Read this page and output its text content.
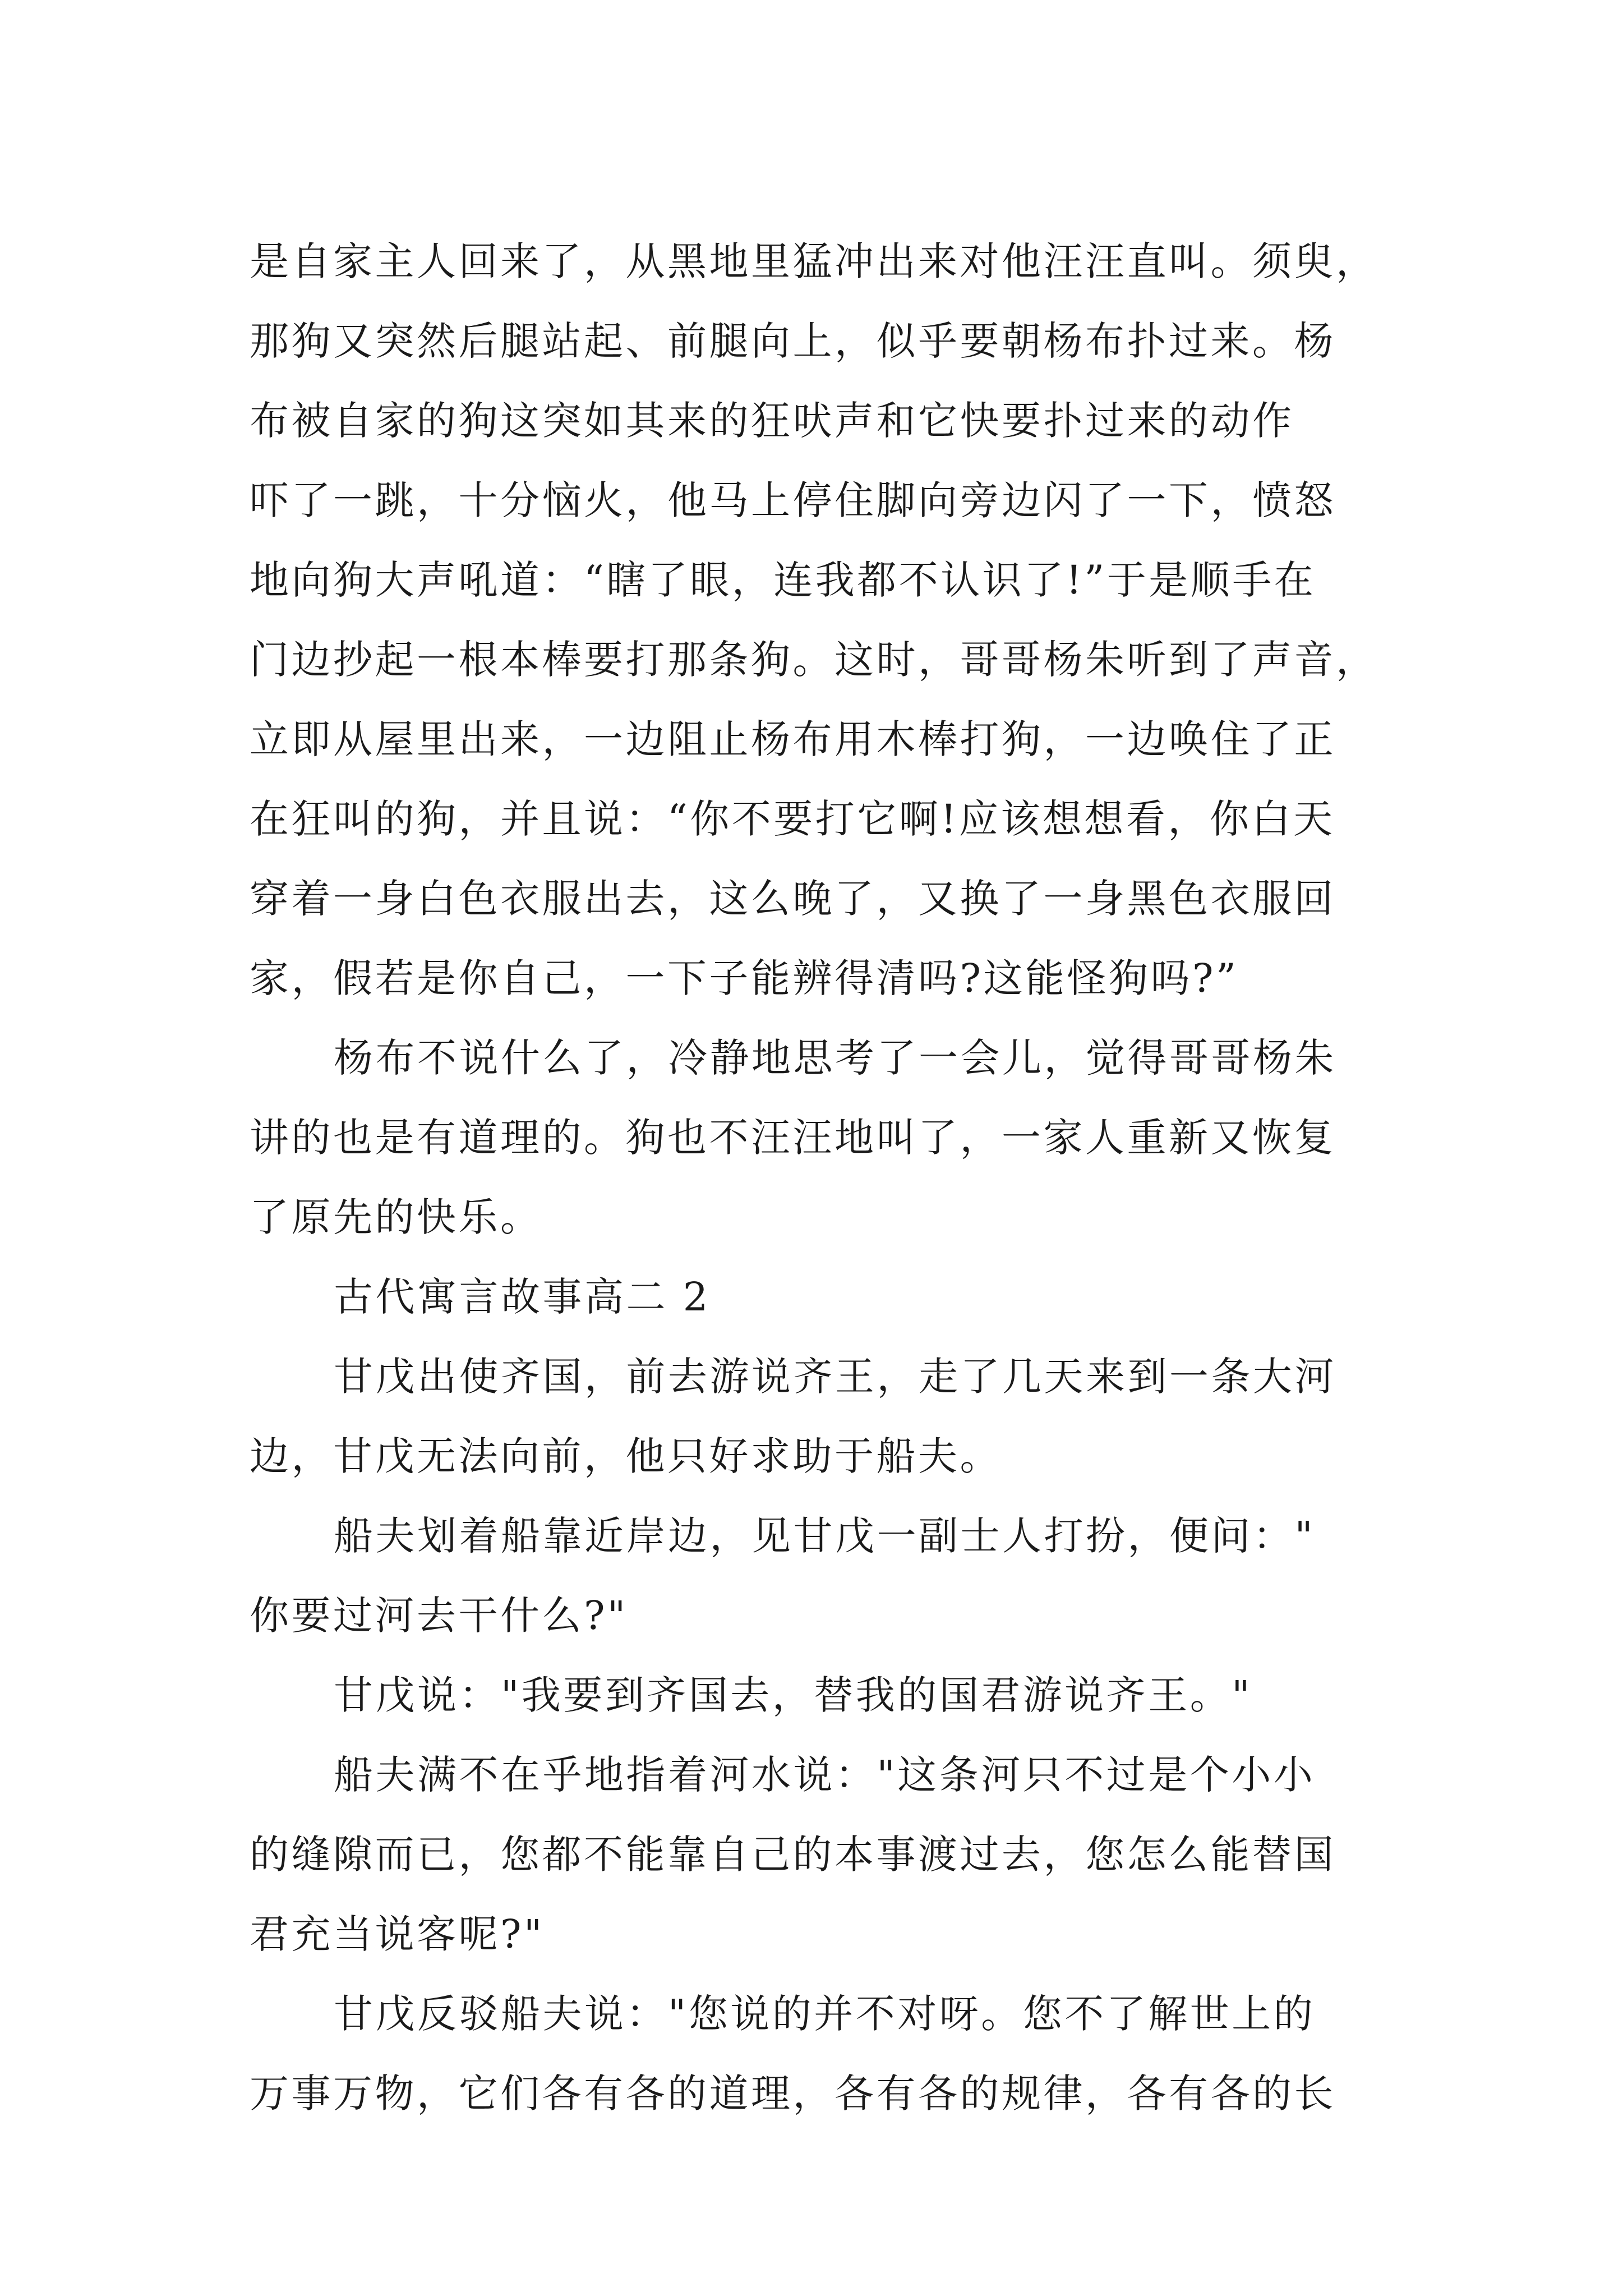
是自家主人回来了，从黑地里猛冲出来对他汪汪直叫。须臾，
那狗又突然后腿站起、前腿向上，似乎要朝杨布扑过来。杨
布被自家的狗这突如其来的狂吠声和它快要扑过来的动作
吓了一跳，十分恼火，他马上停住脚向旁边闪了一下，愤怒
地向狗大声吼道：“瞎了眼，连我都不认识了!”于是顺手在
门边抄起一根本棒要打那条狗。这时，哥哥杨朱听到了声音，
立即从屋里出来，一边阻止杨布用木棒打狗，一边唤住了正
在狂叫的狗，并且说：“你不要打它啊!应该想想看，你白天
穿着一身白色衣服出去，这么晚了，又换了一身黑色衣服回
家，假若是你自己，一下子能辨得清吗?这能怪狗吗?”
杨布不说什么了，冷静地思考了一会儿，觉得哥哥杨朱
讲的也是有道理的。狗也不汪汪地叫了，一家人重新又恢复
了原先的快乐。
古代寓言故事高二 2
甘戊出使齐国，前去游说齐王，走了几天来到一条大河
边，甘戊无法向前，他只好求助于船夫。
船夫划着船靠近岸边，见甘戊一副士人打扮，便问："
你要过河去干什么?"
甘戊说："我要到齐国去，替我的国君游说齐王。"
船夫满不在乎地指着河水说："这条河只不过是个小小
的缝隙而已，您都不能靠自己的本事渡过去，您怎么能替国
君充当说客呢?"
甘戊反驳船夫说："您说的并不对呀。您不了解世上的
万事万物，它们各有各的道理，各有各的规律，各有各的长
